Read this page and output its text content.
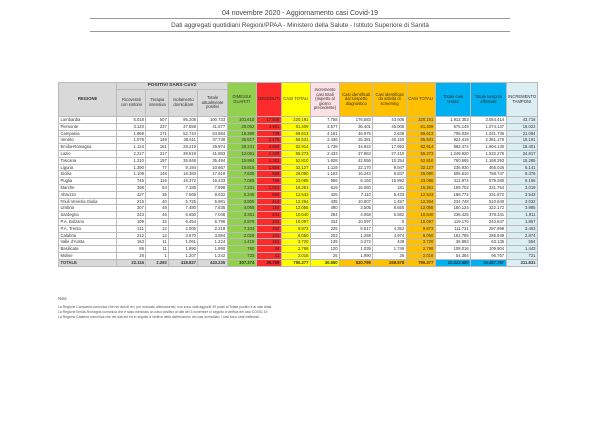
04 novembre 2020 - Aggiornamento casi Covid-19
Dati aggregati quotidiani Regioni/PPAA - Ministero della Salute - Istituto Superiore di Sanità
REGIONE	POSITIVI SARS-CoV2				DIMESSI/ GUARITI	DECEDUTI	CASI TOTALI	Incremento casi totali (rispetto al giorno precedente)	Casi identificati dal sospetto diagnostico	Casi identificati da attività di screening	CASI TOTALI	Totale casi testati	Totale tamponi effettuati	INCREMENTO TAMPONI
	Ricoverati con sintomi	Terapia intensiva	Isolamento domiciliare	Totale attualmente positivi										
Lombardia	5.018	507	95.208	100.733	101.610	17.848	220.191	7.758	176.583	43.608	220.191	1.912.353	3.084.414	43.716
Piemonte	3.120	237	37.859	41.577	20.052	4.481	81.409	3.577	36.401	45.008	81.409	675.149	1.074.137	16.022
Campania	1.969	171	52.744	54.884	16.380	739	69.613	4.181	46.975	2.638	69.613	706.038	1.031.736	21.084
Veneto	1.078	149	36.511	37.738	35.517	2.478	65.531	2.436	25.381	40.150	65.531	924.419	2.381.176	15.191
Emilia-Romagna	1.124	161	28.219	29.974	28.241	4.699	62.914	1.738	44.922	17.992	62.914	882.474	1.604.130	18.401
Lazio	2.217	217	39.519	41.883	12.081	1.309	55.273	2.433	27.863	27.410	55.273	1.249.920	1.532.276	34.817
Toscana	1.310	197	35.948	35.494	15.994	1.362	52.810	1.928	42.556	10.254	52.810	760.565	1.168.293	15.285
Liguria	1.390	77	9.194	10.667	19.815	1.654	32.127	1.119	22.170	9.947	32.127	236.930	465.026	6.141
Sicilia	1.109	148	18.383	17.618	7.605	569	26.080	1.153	16.243	9.837	26.080	505.610	758.747	9.376
Puglia	745	116	15.372	16.233	7.085	765	23.085	956	6.193	15.892	23.085	412.874	579.280	6.156
Marche	398	54	7.185	7.998	7.231	1.032	16.261	619	16.080	181	16.261	199.702	331.754	3.019
Abruzzo	427	36	7.569	8.032	5.345	566	12.543	425	7.110	5.433	12.543	186.772	331.872	3.543
Friuli Venezia Giulia	215	40	5.725	5.981	3.805	414	12.264	435	10.807	1.457	12.264	234.748	510.640	3.032
Umbria	307	48	7.480	7.835	4.065	154	12.055	490	3.505	8.550	12.055	180.124	322.172	3.985
Sardegna	243	45	6.650	7.048	3.351	241	10.640	284	4.058	6.582	10.640	236.425	378.341	1.911
P.A. Bolzano	109	32	6.454	6.796	2.976	322	10.097	334	10.097	0	10.097	119.176	243.847	1.857
P.A. Trento	211	12	2.005	2.218	7.103	452	9.873	225	5.517	4.352	9.873	111.731	287.998	3.463
Calabria	212	12	3.670	3.894	2.026	121	6.050	203	1.258	4.974	6.050	182.785	285.949	2.874
Valle d'Aosta	153	11	1.061	1.224	1.415	181	3.720	139	3.272	448	3.720	36.883	63.135	554
Basilicata	89	11	1.890	1.990	760	34	2.788	120	1.039	1.749	2.788	108.016	109.904	1.443
Molise	28	1	1.207	1.242	733	41	2.016	25	1.990	26	2.016	54.364	96.757	721
TOTALE	22.116	2.292	418.827	443.235	307.374	39.759	790.377	30.550	520.799	269.578	790.377	10.022.680	16.487.787	211.831
Note
La Regione Campania comunica che nei dati di ieri, per mancato allineamento, non sono stati aggiunti 39 positi al Totale positivi e ai casi totali.
La Regione Emilia-Romagna comunica che è stato eliminato un caso positivo ai dati del 3 novembre in seguito a verifica dei casi COVID-19.
La Regione Calabria comunica che nei dati ieri ed in seguito a verifica della distribuzione dei casi domiciliari, i casi sono stati riallineati...
